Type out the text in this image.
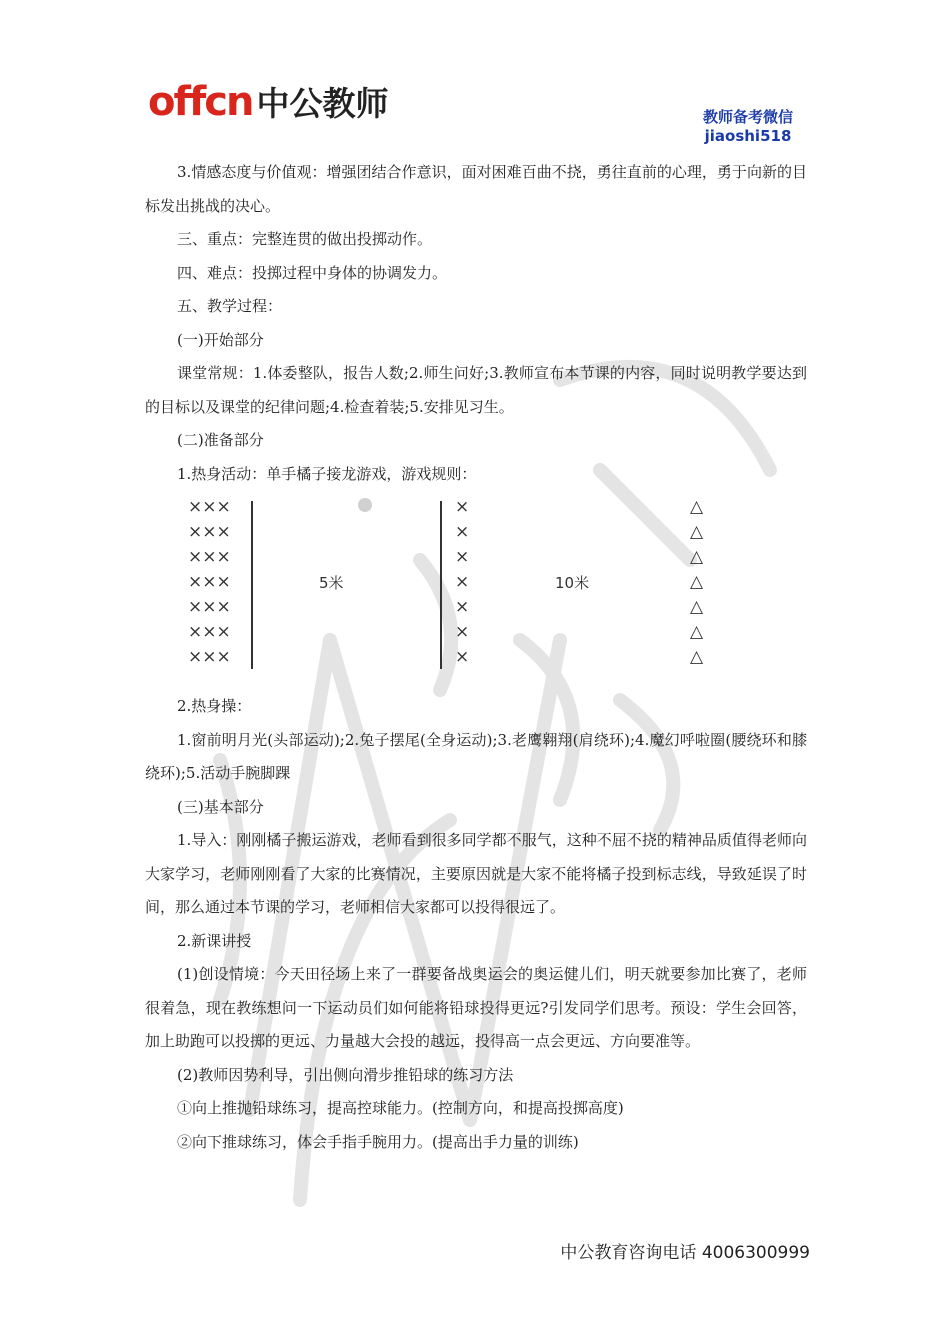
offcn 中公教师	教师备考微信
jiaoshi518

3.情感态度与价值观：增强团结合作意识，面对困难百曲不挠，勇往直前的心理，勇于向新的目标发出挑战的决心。

三、重点：完整连贯的做出投掷动作。

四、难点：投掷过程中身体的协调发力。

五、教学过程：

(一)开始部分

课堂常规：1.体委整队，报告人数;2.师生问好;3.教师宣布本节课的内容，同时说明教学要达到的目标以及课堂的纪律问题;4.检查着装;5.安排见习生。

(二)准备部分

1.热身活动：单手橘子接龙游戏，游戏规则：

5米	10米
×××	×	△
×××	×	△
×××	×	△
×××	×	△
×××	×	△
×××	×	△
×××	×	△

2.热身操：

1.窗前明月光(头部运动);2.兔子摆尾(全身运动);3.老鹰翱翔(肩绕环);4.魔幻呼啦圈(腰绕环和膝绕环);5.活动手腕脚踝

(三)基本部分

1.导入：刚刚橘子搬运游戏，老师看到很多同学都不服气，这种不屈不挠的精神品质值得老师向大家学习，老师刚刚看了大家的比赛情况，主要原因就是大家不能将橘子投到标志线，导致延误了时间，那么通过本节课的学习，老师相信大家都可以投得很远了。

2.新课讲授

(1)创设情境：今天田径场上来了一群要备战奥运会的奥运健儿们，明天就要参加比赛了，老师很着急，现在教练想问一下运动员们如何能将铅球投得更远?引发同学们思考。预设：学生会回答，加上助跑可以投掷的更远、力量越大会投的越远，投得高一点会更远、方向要准等。

(2)教师因势利导，引出侧向滑步推铅球的练习方法

①向上推抛铅球练习，提高控球能力。(控制方向，和提高投掷高度)

②向下推球练习，体会手指手腕用力。(提高出手力量的训练)

中公教育咨询电话 4006300999
